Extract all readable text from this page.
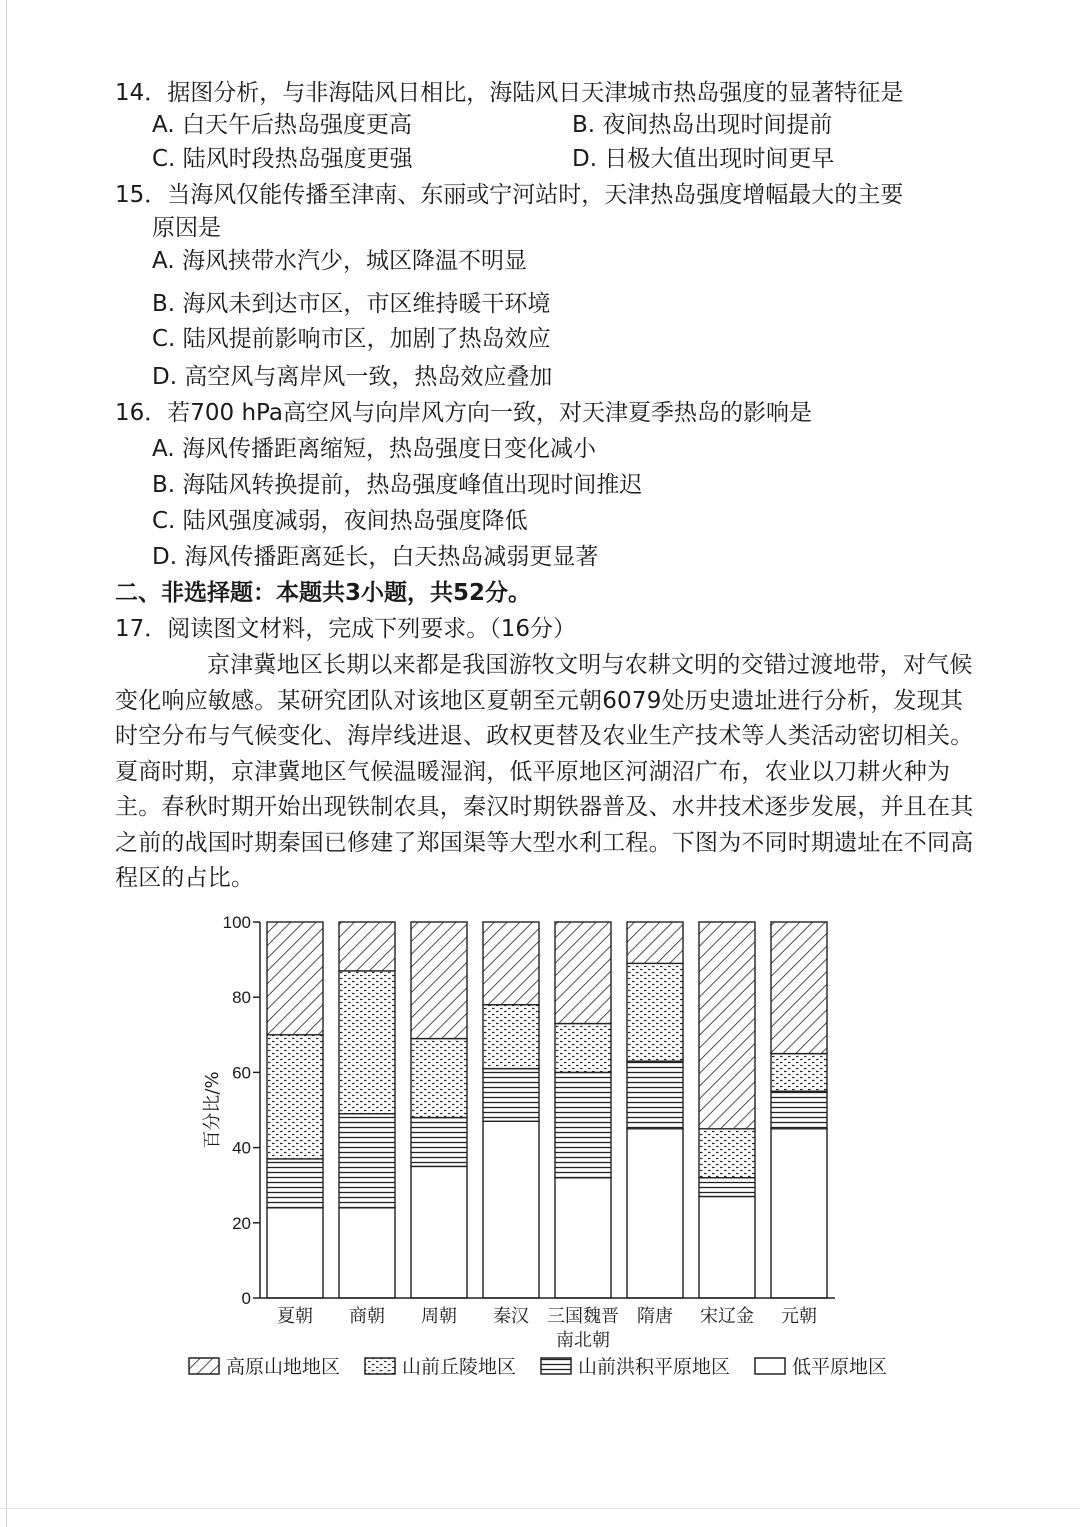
14．据图分析，与非海陆风日相比，海陆风日天津城市热岛强度的显著特征是
A. 白天午后热岛强度更高	B. 夜间热岛出现时间提前
C. 陆风时段热岛强度更强	D. 日极大值出现时间更早
15．当海风仅能传播至津南、东丽或宁河站时，天津热岛强度增幅最大的主要
原因是
A. 海风挟带水汽少，城区降温不明显
B. 海风未到达市区，市区维持暖干环境
C. 陆风提前影响市区，加剧了热岛效应
D. 高空风与离岸风一致，热岛效应叠加
16．若700 hPa高空风与向岸风方向一致，对天津夏季热岛的影响是
A. 海风传播距离缩短，热岛强度日变化减小
B. 海陆风转换提前，热岛强度峰值出现时间推迟
C. 陆风强度减弱，夜间热岛强度降低
D. 海风传播距离延长，白天热岛减弱更显著
二、非选择题：本题共3小题，共52分。
17．阅读图文材料，完成下列要求。（16分）
京津冀地区长期以来都是我国游牧文明与农耕文明的交错过渡地带，对气候变化响应敏感。某研究团队对该地区夏朝至元朝6079处历史遗址进行分析，发现其时空分布与气候变化、海岸线进退、政权更替及农业生产技术等人类活动密切相关。夏商时期，京津冀地区气候温暖湿润，低平原地区河湖沼广布，农业以刀耕火种为主。春秋时期开始出现铁制农具，秦汉时期铁器普及、水井技术逐步发展，并且在其之前的战国时期秦国已修建了郑国渠等大型水利工程。下图为不同时期遗址在不同高程区的占比。
百分比/%
0
20
40
60
80
100
夏朝 商朝 周朝 秦汉 三国魏晋
南北朝
隋唐 宋辽金 元朝
高原山地地区	山前丘陵地区	山前洪积平原地区	低平原地区
